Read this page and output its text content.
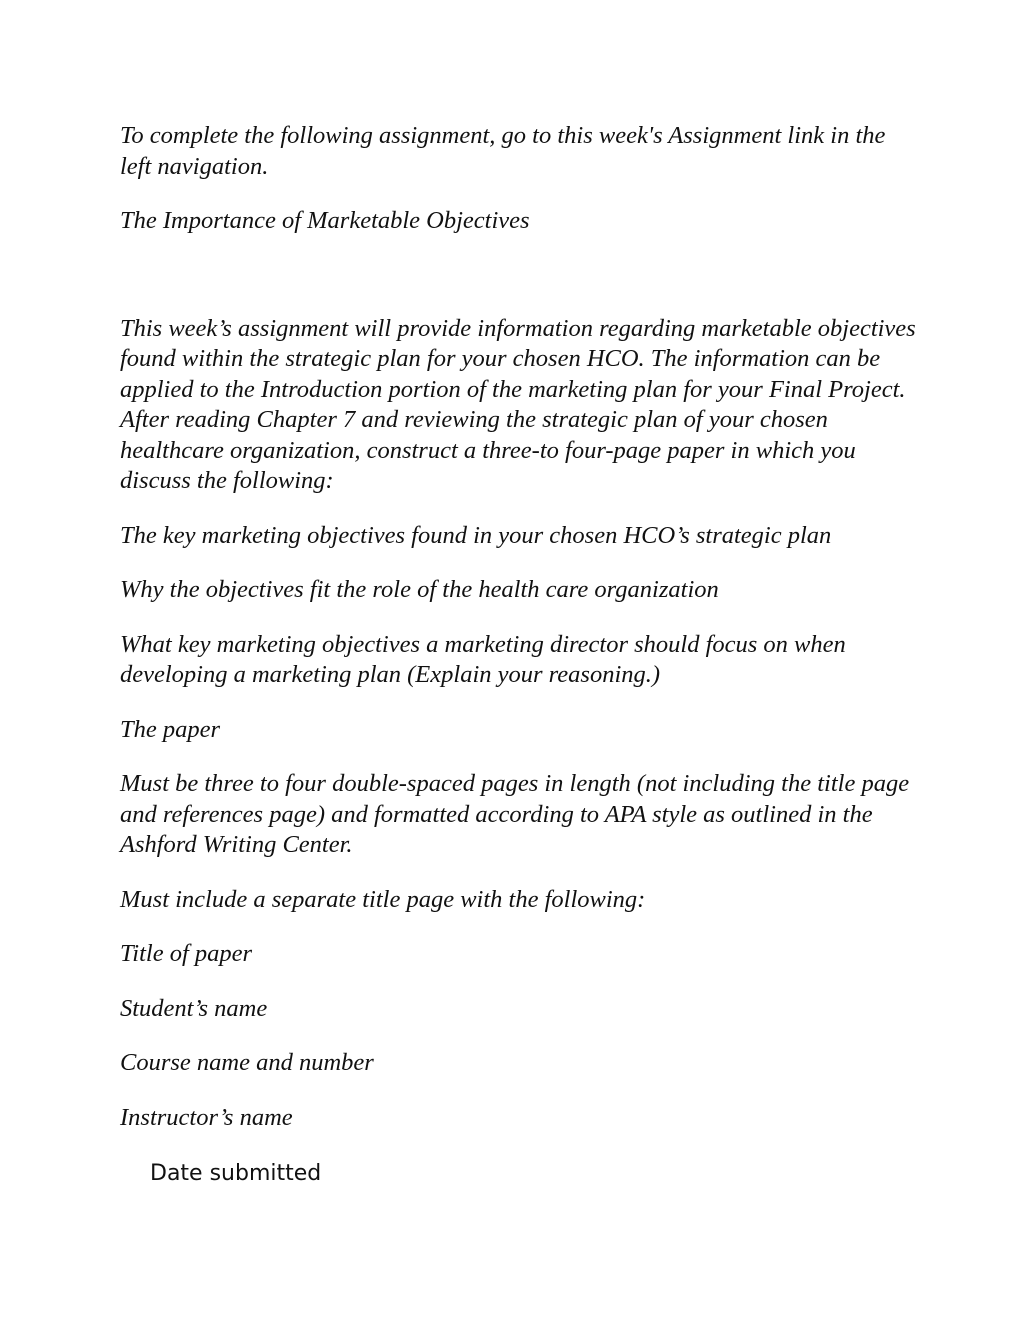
To complete the following assignment, go to this week's Assignment link in the left navigation.

The Importance of Marketable Objectives

This week’s assignment will provide information regarding marketable objectives found within the strategic plan for your chosen HCO. The information can be applied to the Introduction portion of the marketing plan for your Final Project. After reading Chapter 7 and reviewing the strategic plan of your chosen healthcare organization, construct a three-to four-page paper in which you discuss the following:

The key marketing objectives found in your chosen HCO’s strategic plan

Why the objectives fit the role of the health care organization

What key marketing objectives a marketing director should focus on when developing a marketing plan (Explain your reasoning.)

The paper

Must be three to four double-spaced pages in length (not including the title page and references page) and formatted according to APA style as outlined in the Ashford Writing Center.

Must include a separate title page with the following:

Title of paper

Student’s name

Course name and number

Instructor’s name

Date submitted
